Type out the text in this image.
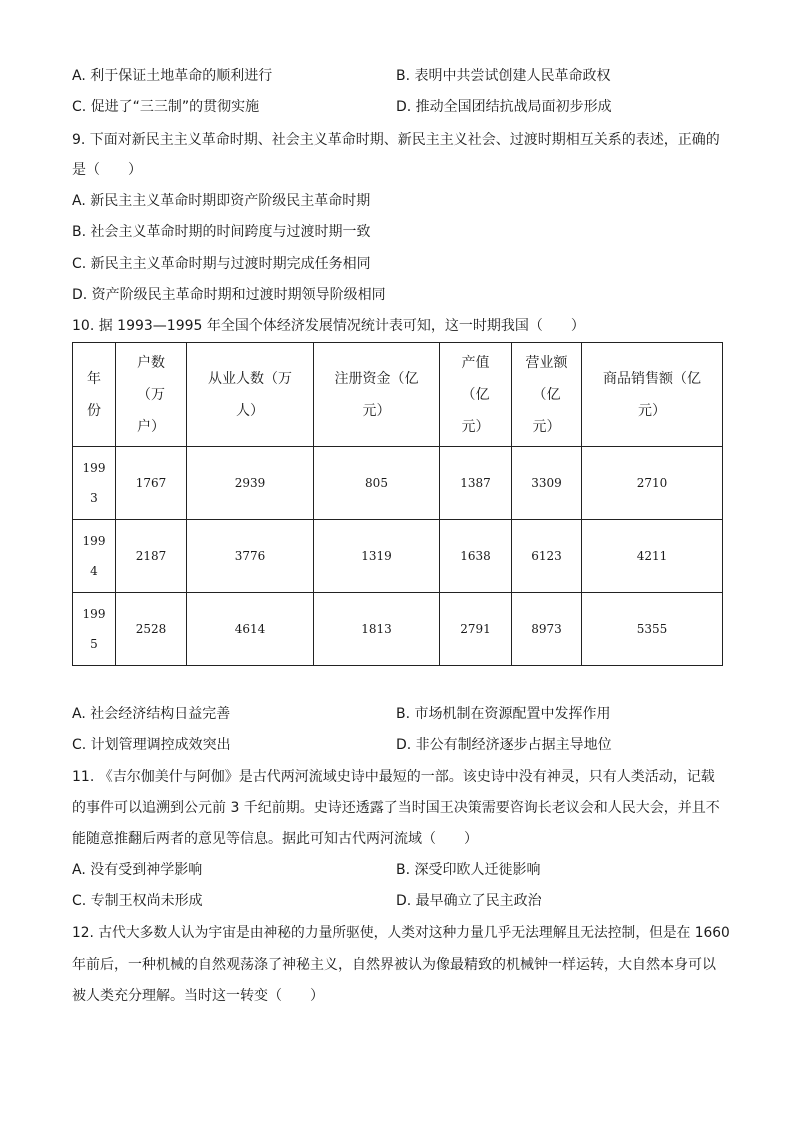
A. 利于保证土地革命的顺利进行	B. 表明中共尝试创建人民革命政权
C. 促进了“三三制”的贯彻实施	D. 推动全国团结抗战局面初步形成
9. 下面对新民主主义革命时期、社会主义革命时期、新民主主义社会、过渡时期相互关系的表述，正确的
是（　　）
A. 新民主主义革命时期即资产阶级民主革命时期
B. 社会主义革命时期的时间跨度与过渡时期一致
C. 新民主主义革命时期与过渡时期完成任务相同
D. 资产阶级民主革命时期和过渡时期领导阶级相同
10. 据 1993—1995 年全国个体经济发展情况统计表可知，这一时期我国（　　）
年份	户数（万户）	从业人数（万人）	注册资金（亿元）	产值（亿元）	营业额（亿元）	商品销售额（亿元）

1993	1767	2939	805	1387	3309	2710

1994	2187	3776	1319	1638	6123	4211

1995	2528	4614	1813	2791	8973	5355
A. 社会经济结构日益完善	B. 市场机制在资源配置中发挥作用
C. 计划管理调控成效突出	D. 非公有制经济逐步占据主导地位
11. 《吉尔伽美什与阿伽》是古代两河流域史诗中最短的一部。该史诗中没有神灵，只有人类活动，记载
的事件可以追溯到公元前 3 千纪前期。史诗还透露了当时国王决策需要咨询长老议会和人民大会，并且不
能随意推翻后两者的意见等信息。据此可知古代两河流域（　　）
A. 没有受到神学影响	B. 深受印欧人迁徙影响
C. 专制王权尚未形成	D. 最早确立了民主政治
12. 古代大多数人认为宇宙是由神秘的力量所驱使，人类对这种力量几乎无法理解且无法控制，但是在 1660
年前后，一种机械的自然观荡涤了神秘主义，自然界被认为像最精致的机械钟一样运转，大自然本身可以
被人类充分理解。当时这一转变（　　）
